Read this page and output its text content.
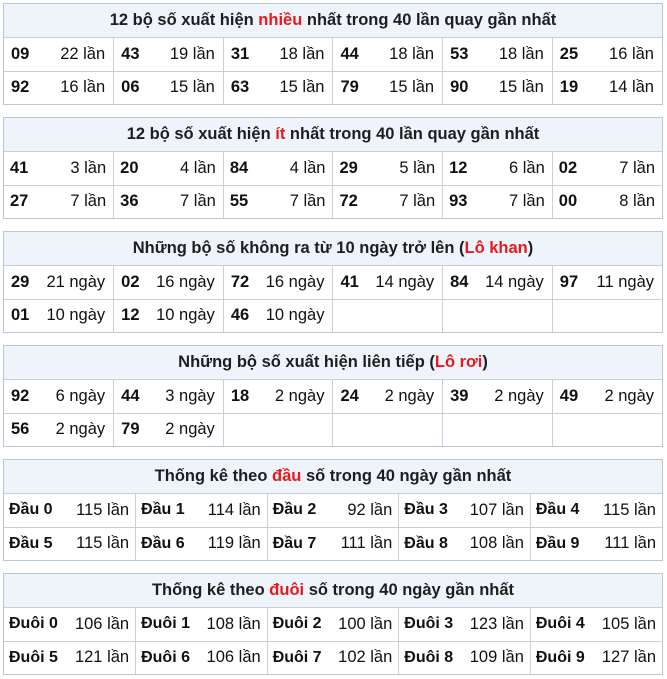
12 bộ số xuất hiện nhiều nhất trong 40 lần quay gần nhất
09 22 lần	43 19 lần	31 18 lần	44 18 lần	53 18 lần	25 16 lần

92 16 lần	06 15 lần	63 15 lần	79 15 lần	90 15 lần	19 14 lần
12 bộ số xuất hiện ít nhất trong 40 lần quay gần nhất
41 3 lần	20 4 lần	84 4 lần	29 5 lần	12 6 lần	02 7 lần

27 7 lần	36 7 lần	55 7 lần	72 7 lần	93 7 lần	00 8 lần
Những bộ số không ra từ 10 ngày trở lên (Lô khan)
29 21 ngày	02 16 ngày	72 16 ngày	41 14 ngày	84 14 ngày	97 11 ngày

01 10 ngày	12 10 ngày	46 10 ngày			

Những bộ số xuất hiện liên tiếp (Lô rơi)
92 6 ngày	44 3 ngày	18 2 ngày	24 2 ngày	39 2 ngày	49 2 ngày

56 2 ngày	79 2 ngày				

Thống kê theo đầu số trong 40 ngày gần nhất
Đầu 0 115 lần	Đầu 1 114 lần	Đầu 2 92 lần	Đầu 3 107 lần	Đầu 4 115 lần

Đầu 5 115 lần	Đầu 6 119 lần	Đầu 7 111 lần	Đầu 8 108 lần	Đầu 9 111 lần
Thống kê theo đuôi số trong 40 ngày gần nhất
Đuôi 0 106 lần	Đuôi 1 108 lần	Đuôi 2 100 lần	Đuôi 3 123 lần	Đuôi 4 105 lần

Đuôi 5 121 lần	Đuôi 6 106 lần	Đuôi 7 102 lần	Đuôi 8 109 lần	Đuôi 9 127 lần
